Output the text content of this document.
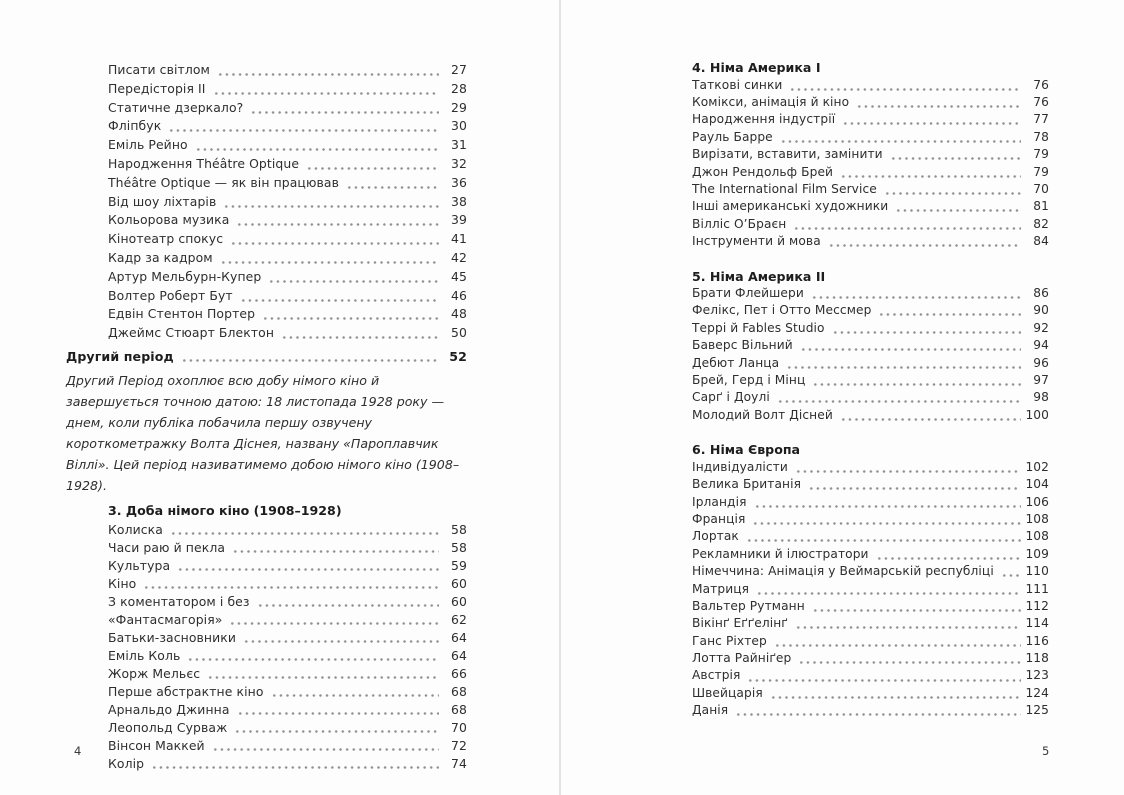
Писати світлом	27
Передісторія II	28
Статичне дзеркало?	29
Фліпбук	30
Еміль Рейно	31
Народження Théâtre Optique	32
Théâtre Optique — як він працював	36
Від шоу ліхтарів	38
Кольорова музика	39
Кінотеатр спокус	41
Кадр за кадром	42
Артур Мельбурн-Купер	45
Волтер Роберт Бут	46
Едвін Стентон Портер	48
Джеймс Стюарт Блектон	50
Другий період	52

Другий Період охоплює всю добу німого кіно й завершується точною датою: 18 листопада 1928 року — днем, коли публіка побачила першу озвучену короткометражку Волта Діснея, названу «Пароплавчик Віллі». Цей період називатимемо добою німого кіно (1908–1928).

3. Доба німого кіно (1908–1928)
Колиска	58
Часи раю й пекла	58
Культура	59
Кіно	60
З коментатором і без	60
«Фантасмагорія»	62
Батьки-засновники	64
Еміль Коль	64
Жорж Мельєс	66
Перше абстрактне кіно	68
Арнальдо Джинна	68
Леопольд Сурваж	70
Вінсон Маккей	72
Колір	74
4
4. Німа Америка I
Таткові синки	76
Комікси, анімація й кіно	76
Народження індустрії	77
Рауль Барре	78
Вирізати, вставити, замінити	79
Джон Рендольф Брей	79
The International Film Service	70
Інші американські художники	81
Вілліс О’Браєн	82
Інструменти й мова	84
5. Німа Америка II
Брати Флейшери	86
Фелікс, Пет і Отто Мессмер	90
Террі й Fables Studio	92
Баверс Вільний	94
Дебют Ланца	96
Брей, Герд і Мінц	97
Сарґ і Доулі	98
Молодий Волт Дісней	100
6. Німа Європа
Індивідуалісти	102
Велика Британія	104
Ірландія	106
Франція	108
Лортак	108
Рекламники й ілюстратори	109
Німеччина: Анімація у Веймарській республіці	110
Матриця	111
Вальтер Рутманн	112
Вікінґ Еґґелінґ	114
Ганс Ріхтер	116
Лотта Райніґер	118
Австрія	123
Швейцарія	124
Данія	125
5
